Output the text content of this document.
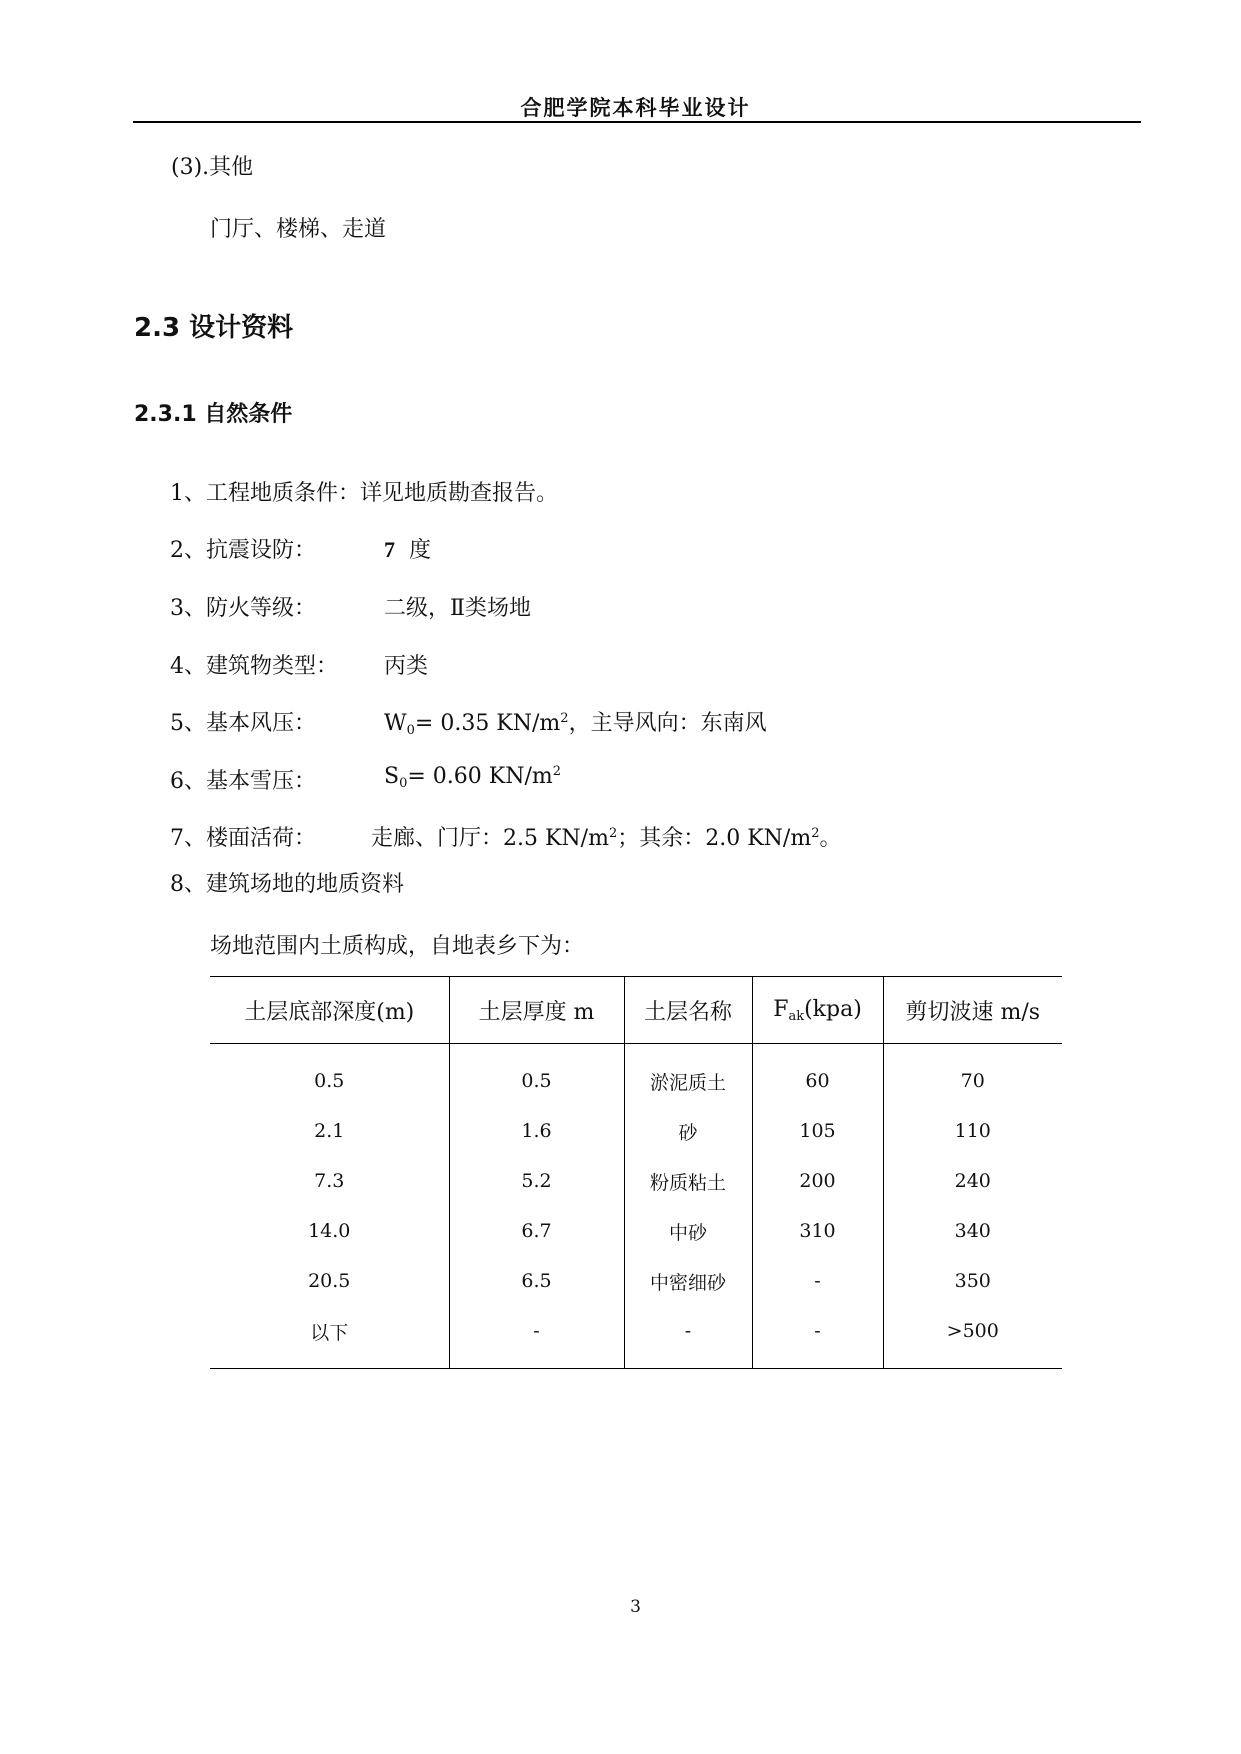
合肥学院本科毕业设计
(3).其他
门厅、楼梯、走道
2.3 设计资料
2.3.1 自然条件
1、工程地质条件：详见地质勘查报告。
2、抗震设防：	7 度
3、防火等级：	二级，Ⅱ类场地
4、建筑物类型： 丙类
5、基本风压：	$W_0= 0.35$ $KN/m^2$，主导风向：东南风
6、基本雪压：	$S_0= 0.60$ $KN/m^2$
7、楼面活荷：	走廊、门厅：2.5 $KN/m^2$；其余：2.0 $KN/m^2$。
8、建筑场地的地质资料
场地范围内土质构成，自地表乡下为：
土层底部深度(m)	土层厚度 m	土层名称	$F_{ak}(kpa)$	剪切波速 m/s
0.5	0.5	淤泥质土	60	70
2.1	1.6	砂	105	110
7.3	5.2	粉质粘土	200	240
14.0	6.7	中砂	310	340
20.5	6.5	中密细砂	-	350
以下	-	-	-	>500
3
